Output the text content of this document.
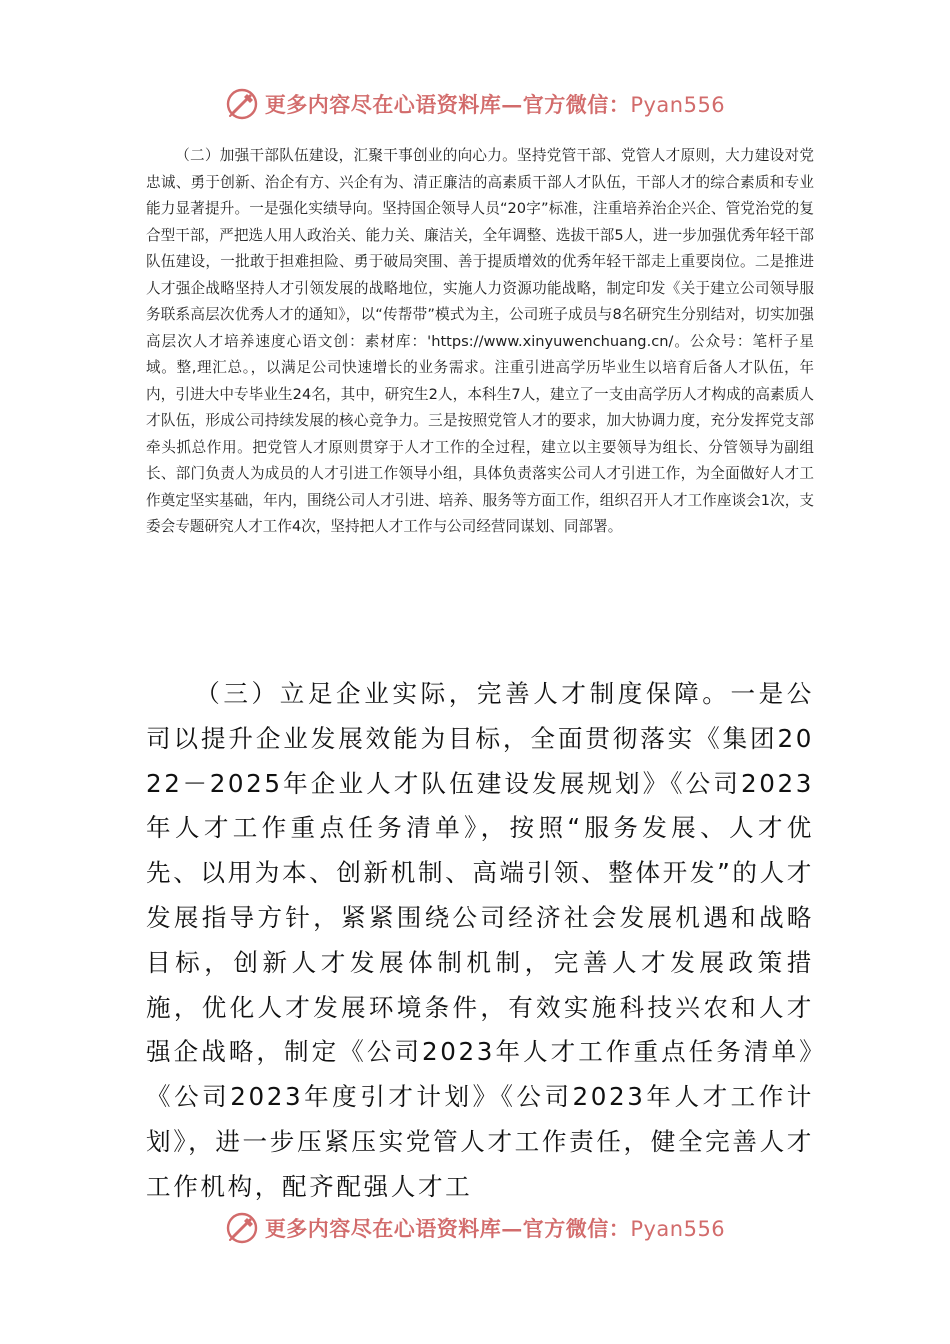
更多内容尽在心语资料库—官方微信：Pyan556

（二）加强干部队伍建设，汇聚干事创业的向心力。坚持党管干部、党管人才原则，大力建设对党忠诚、勇于创新、治企有方、兴企有为、清正廉洁的高素质干部人才队伍，干部人才的综合素质和专业能力显著提升。一是强化实绩导向。坚持国企领导人员“20字”标准，注重培养治企兴企、管党治党的复合型干部，严把选人用人政治关、能力关、廉洁关，全年调整、选拔干部5人，进一步加强优秀年轻干部队伍建设，一批敢于担难担险、勇于破局突围、善于提质增效的优秀年轻干部走上重要岗位。二是推进人才强企战略坚持人才引领发展的战略地位，实施人力资源功能战略，制定印发《关于建立公司领导服务联系高层次优秀人才的通知》，以“传帮带”模式为主，公司班子成员与8名研究生分别结对，切实加强高层次人才培养速度心语文创：素材库：'https://www.xinyuwenchuang.cn/。公众号：笔杆子星域。整,理汇总。，以满足公司快速增长的业务需求。注重引进高学历毕业生以培育后备人才队伍，年内，引进大中专毕业生24名，其中，研究生2人，本科生7人，建立了一支由高学历人才构成的高素质人才队伍，形成公司持续发展的核心竞争力。三是按照党管人才的要求，加大协调力度，充分发挥党支部牵头抓总作用。把党管人才原则贯穿于人才工作的全过程，建立以主要领导为组长、分管领导为副组长、部门负责人为成员的人才引进工作领导小组，具体负责落实公司人才引进工作，为全面做好人才工作奠定坚实基础，年内，围绕公司人才引进、培养、服务等方面工作，组织召开人才工作座谈会1次，支委会专题研究人才工作4次，坚持把人才工作与公司经营同谋划、同部署。

（三）立足企业实际，完善人才制度保障。一是公司以提升企业发展效能为目标，全面贯彻落实《集团2022－2025年企业人才队伍建设发展规划》《公司2023年人才工作重点任务清单》，按照“服务发展、人才优先、以用为本、创新机制、高端引领、整体开发”的人才发展指导方针，紧紧围绕公司经济社会发展机遇和战略目标，创新人才发展体制机制，完善人才发展政策措施，优化人才发展环境条件，有效实施科技兴农和人才强企战略，制定《公司2023年人才工作重点任务清单》《公司2023年度引才计划》《公司2023年人才工作计划》，进一步压紧压实党管人才工作责任，健全完善人才工作机构，配齐配强人才工

更多内容尽在心语资料库—官方微信：Pyan556
